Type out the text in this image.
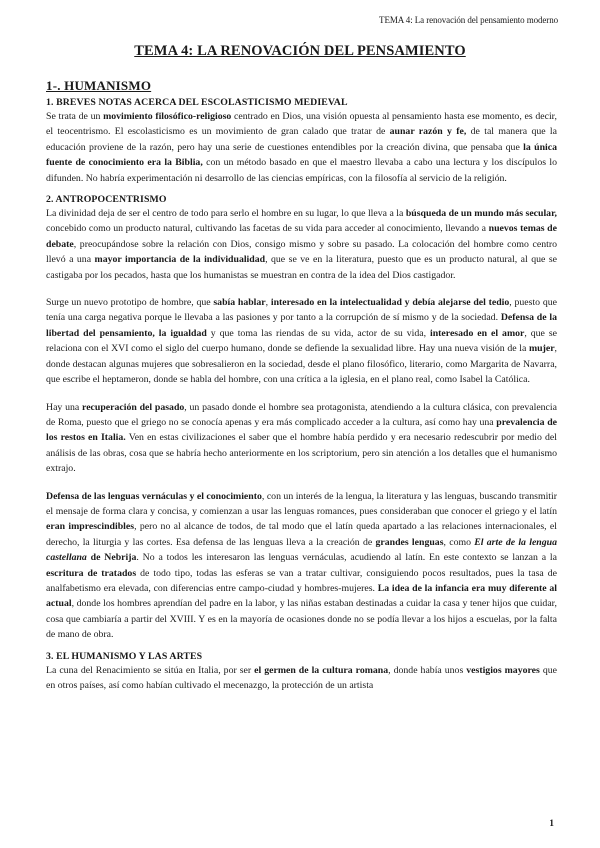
TEMA 4: La renovación del pensamiento moderno
TEMA 4: LA RENOVACIÓN DEL PENSAMIENTO
1-. HUMANISMO
1. BREVES NOTAS ACERCA DEL ESCOLASTICISMO MEDIEVAL

Se trata de un movimiento filosófico-religioso centrado en Dios, una visión opuesta al pensamiento hasta ese momento, es decir, el teocentrismo. El escolasticismo es un movimiento de gran calado que tratar de aunar razón y fe, de tal manera que la educación proviene de la razón, pero hay una serie de cuestiones entendibles por la creación divina, que pensaba que la única fuente de conocimiento era la Biblia, con un método basado en que el maestro llevaba a cabo una lectura y los discípulos lo difunden. No habría experimentación ni desarrollo de las ciencias empíricas, con la filosofía al servicio de la religión.

2. ANTROPOCENTRISMO

La divinidad deja de ser el centro de todo para serlo el hombre en su lugar, lo que lleva a la búsqueda de un mundo más secular, concebido como un producto natural, cultivando las facetas de su vida para acceder al conocimiento, llevando a nuevos temas de debate, preocupándose sobre la relación con Dios, consigo mismo y sobre su pasado. La colocación del hombre como centro llevó a una mayor importancia de la individualidad, que se ve en la literatura, puesto que es un producto natural, al que se castigaba por los pecados, hasta que los humanistas se muestran en contra de la idea del Dios castigador.

Surge un nuevo prototipo de hombre, que sabía hablar, interesado en la intelectualidad y debía alejarse del tedio, puesto que tenía una carga negativa porque le llevaba a las pasiones y por tanto a la corrupción de sí mismo y de la sociedad. Defensa de la libertad del pensamiento, la igualdad y que toma las riendas de su vida, actor de su vida, interesado en el amor, que se relaciona con el XVI como el siglo del cuerpo humano, donde se defiende la sexualidad libre. Hay una nueva visión de la mujer, donde destacan algunas mujeres que sobresalieron en la sociedad, desde el plano filosófico, literario, como Margarita de Navarra, que escribe el heptameron, donde se habla del hombre, con una crítica a la iglesia, en el plano real, como Isabel la Católica.

Hay una recuperación del pasado, un pasado donde el hombre sea protagonista, atendiendo a la cultura clásica, con prevalencia de Roma, puesto que el griego no se conocía apenas y era más complicado acceder a la cultura, así como hay una prevalencia de los restos en Italia. Ven en estas civilizaciones el saber que el hombre había perdido y era necesario redescubrir por medio del análisis de las obras, cosa que se habría hecho anteriormente en los scriptorium, pero sin atención a los detalles que el humanismo extrajo.

Defensa de las lenguas vernáculas y el conocimiento, con un interés de la lengua, la literatura y las lenguas, buscando transmitir el mensaje de forma clara y concisa, y comienzan a usar las lenguas romances, pues consideraban que conocer el griego y el latín eran imprescindibles, pero no al alcance de todos, de tal modo que el latín queda apartado a las relaciones internacionales, el derecho, la liturgia y las cortes. Esa defensa de las lenguas lleva a la creación de grandes lenguas, como El arte de la lengua castellana de Nebrija. No a todos les interesaron las lenguas vernáculas, acudiendo al latín. En este contexto se lanzan a la escritura de tratados de todo tipo, todas las esferas se van a tratar cultivar, consiguiendo pocos resultados, pues la tasa de analfabetismo era elevada, con diferencias entre campo-ciudad y hombres-mujeres. La idea de la infancia era muy diferente al actual, donde los hombres aprendían del padre en la labor, y las niñas estaban destinadas a cuidar la casa y tener hijos que cuidar, cosa que cambiaría a partir del XVIII. Y es en la mayoría de ocasiones donde no se podía llevar a los hijos a escuelas, por la falta de mano de obra.

3. EL HUMANISMO Y LAS ARTES

La cuna del Renacimiento se sitúa en Italia, por ser el germen de la cultura romana, donde había unos vestigios mayores que en otros países, así como habían cultivado el mecenazgo, la protección de un artista

1
